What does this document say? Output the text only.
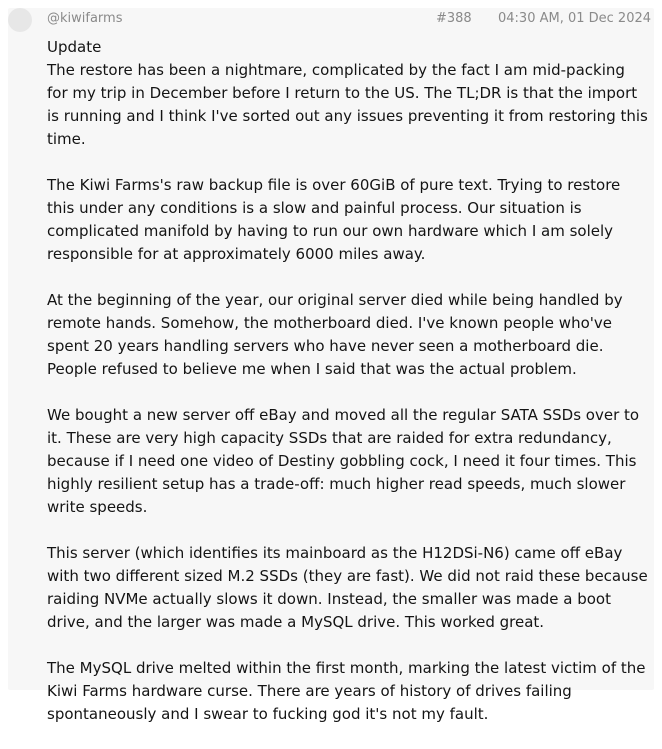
@kiwifarms	#388 04:30 AM, 01 Dec 2024

Update

The restore has been a nightmare, complicated by the fact I am mid-packing for my trip in December before I return to the US. The TL;DR is that the import is running and I think I've sorted out any issues preventing it from restoring this time.

The Kiwi Farms's raw backup file is over 60GiB of pure text. Trying to restore this under any conditions is a slow and painful process. Our situation is complicated manifold by having to run our own hardware which I am solely responsible for at approximately 6000 miles away.

At the beginning of the year, our original server died while being handled by remote hands. Somehow, the motherboard died. I've known people who've spent 20 years handling servers who have never seen a motherboard die. People refused to believe me when I said that was the actual problem.

We bought a new server off eBay and moved all the regular SATA SSDs over to it. These are very high capacity SSDs that are raided for extra redundancy, because if I need one video of Destiny gobbling cock, I need it four times. This highly resilient setup has a trade-off: much higher read speeds, much slower write speeds.

This server (which identifies its mainboard as the H12DSi-N6) came off eBay with two different sized M.2 SSDs (they are fast). We did not raid these because raiding NVMe actually slows it down. Instead, the smaller was made a boot drive, and the larger was made a MySQL drive. This worked great.

The MySQL drive melted within the first month, marking the latest victim of the Kiwi Farms hardware curse. There are years of history of drives failing spontaneously and I swear to fucking god it's not my fault.
